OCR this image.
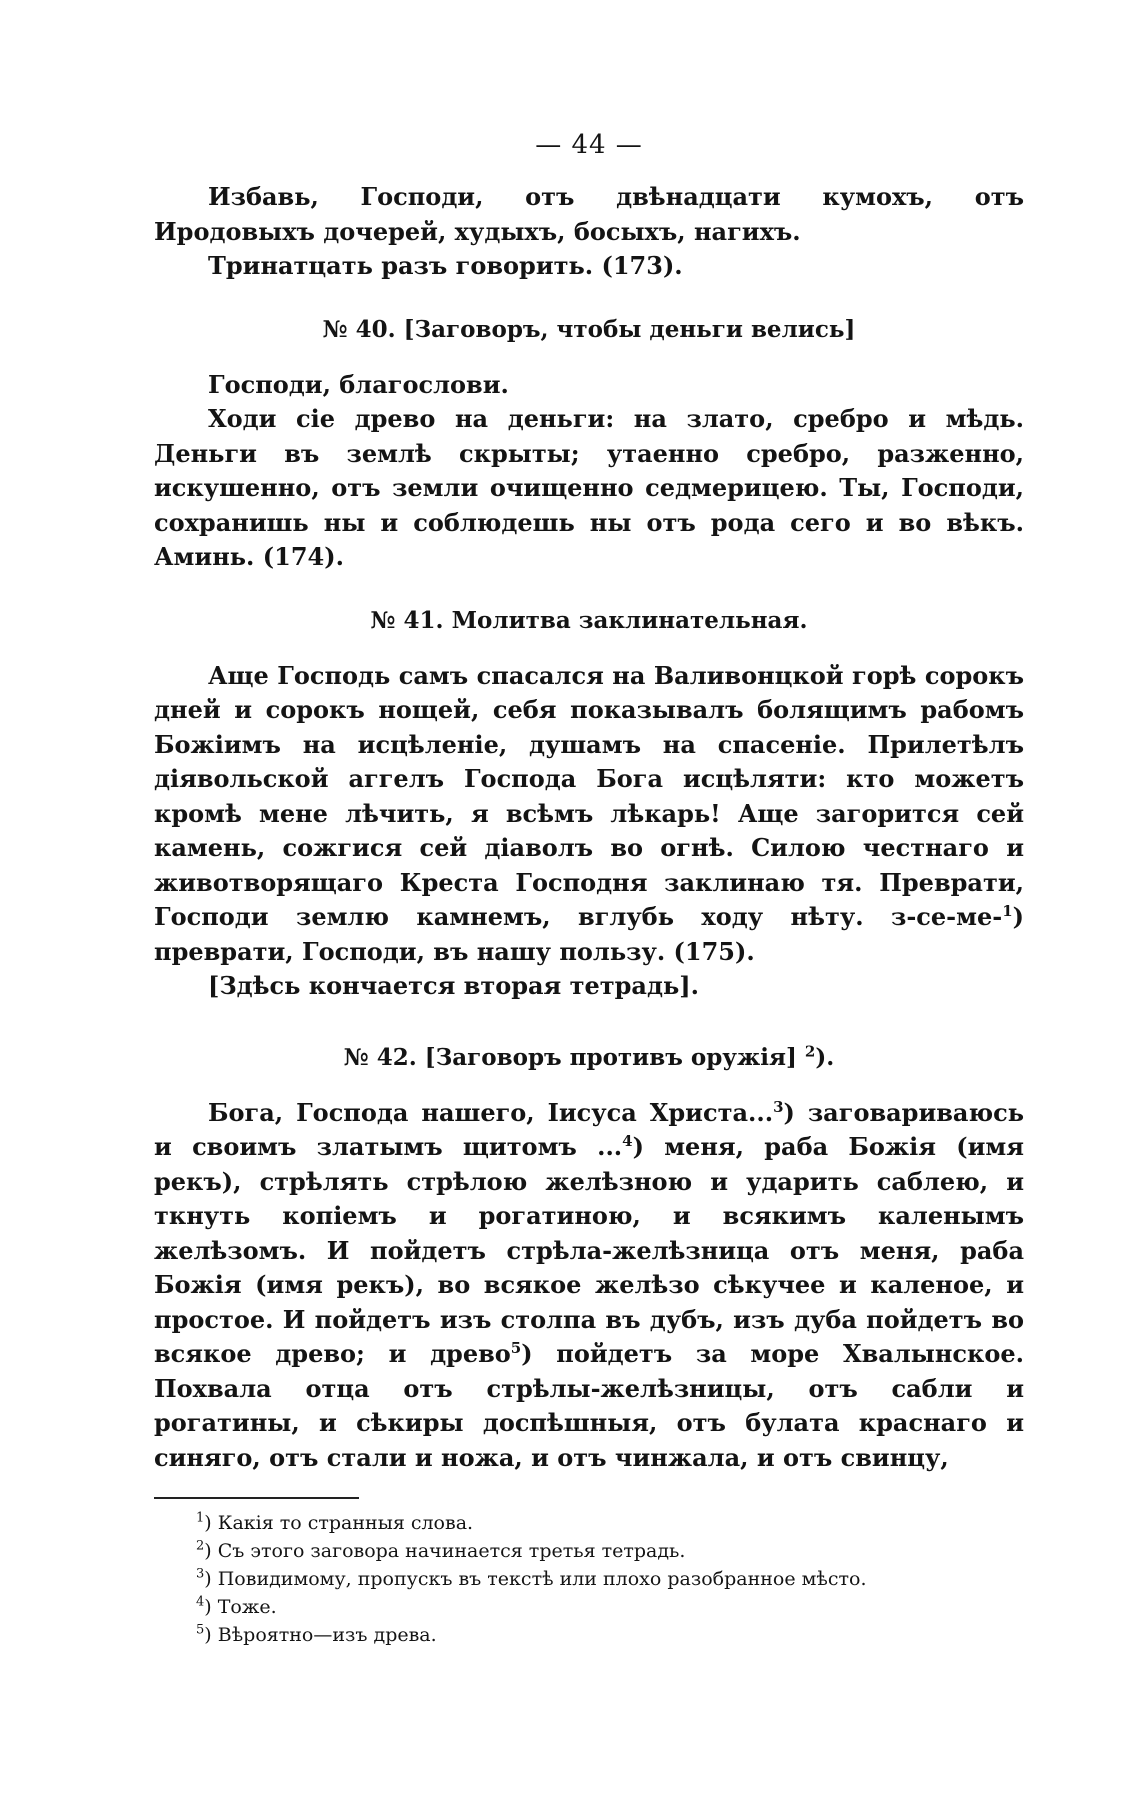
— 44 —

Избавь, Господи, отъ двѣнадцати кумохъ, отъ Иродовыхъ дочерей, худыхъ, босыхъ, нагихъ.

Тринатцать разъ говорить. (173).

№ 40. [Заговоръ, чтобы деньги велись]

Господи, благослови.

Ходи сіе древо на деньги: на злато, сребро и мѣдь. Деньги въ землѣ скрыты; утаенно сребро, разженно, искушенно, отъ земли очищенно седмерицею. Ты, Господи, сохранишь ны и соблюдешь ны отъ рода сего и во вѣкъ. Аминь. (174).

№ 41. Молитва заклинательная.

Аще Господь самъ спасался на Валивонцкой горѣ сорокъ дней и сорокъ нощей, себя показывалъ болящимъ рабомъ Божіимъ на исцѣленіе, душамъ на спасеніе. Прилетѣлъ діявольской аггелъ Господа Бога исцѣляти: кто можетъ кромѣ мене лѣчить, я всѣмъ лѣкарь! Аще загорится сей камень, сожгися сей діаволъ во огнѣ. Силою честнаго и животворящаго Креста Господня заклинаю тя. Преврати, Господи землю камнемъ, вглубь ходу нѣту. з-се-ме-$^1$) преврати, Господи, въ нашу пользу. (175).

[Здѣсь кончается вторая тетрадь].

№ 42. [Заговоръ противъ оружія] $^2$).

Бога, Господа нашего, Іисуса Христа...$^3$) заговариваюсь и своимъ златымъ щитомъ ...$^4$) меня, раба Божія (имя рекъ), стрѣлять стрѣлою желѣзною и ударить саблею, и ткнуть копіемъ и рогатиною, и всякимъ каленымъ желѣзомъ. И пойдетъ стрѣла-желѣзница отъ меня, раба Божія (имя рекъ), во всякое желѣзо сѣкучее и каленое, и простое. И пойдетъ изъ столпа въ дубъ, изъ дуба пойдетъ во всякое древо; и древо$^5$) пойдетъ за море Хвалынское. Похвала отца отъ стрѣлы-желѣзницы, отъ сабли и рогатины, и сѣкиры доспѣшныя, отъ булата краснаго и синяго, отъ стали и ножа, и отъ чинжала, и отъ свинцу,

$^1$) Какія то странныя слова.

$^2$) Съ этого заговора начинается третья тетрадь.

$^3$) Повидимому, пропускъ въ текстѣ или плохо разобранное мѣсто.

$^4$) Тоже.

$^5$) Вѣроятно—изъ древа.
